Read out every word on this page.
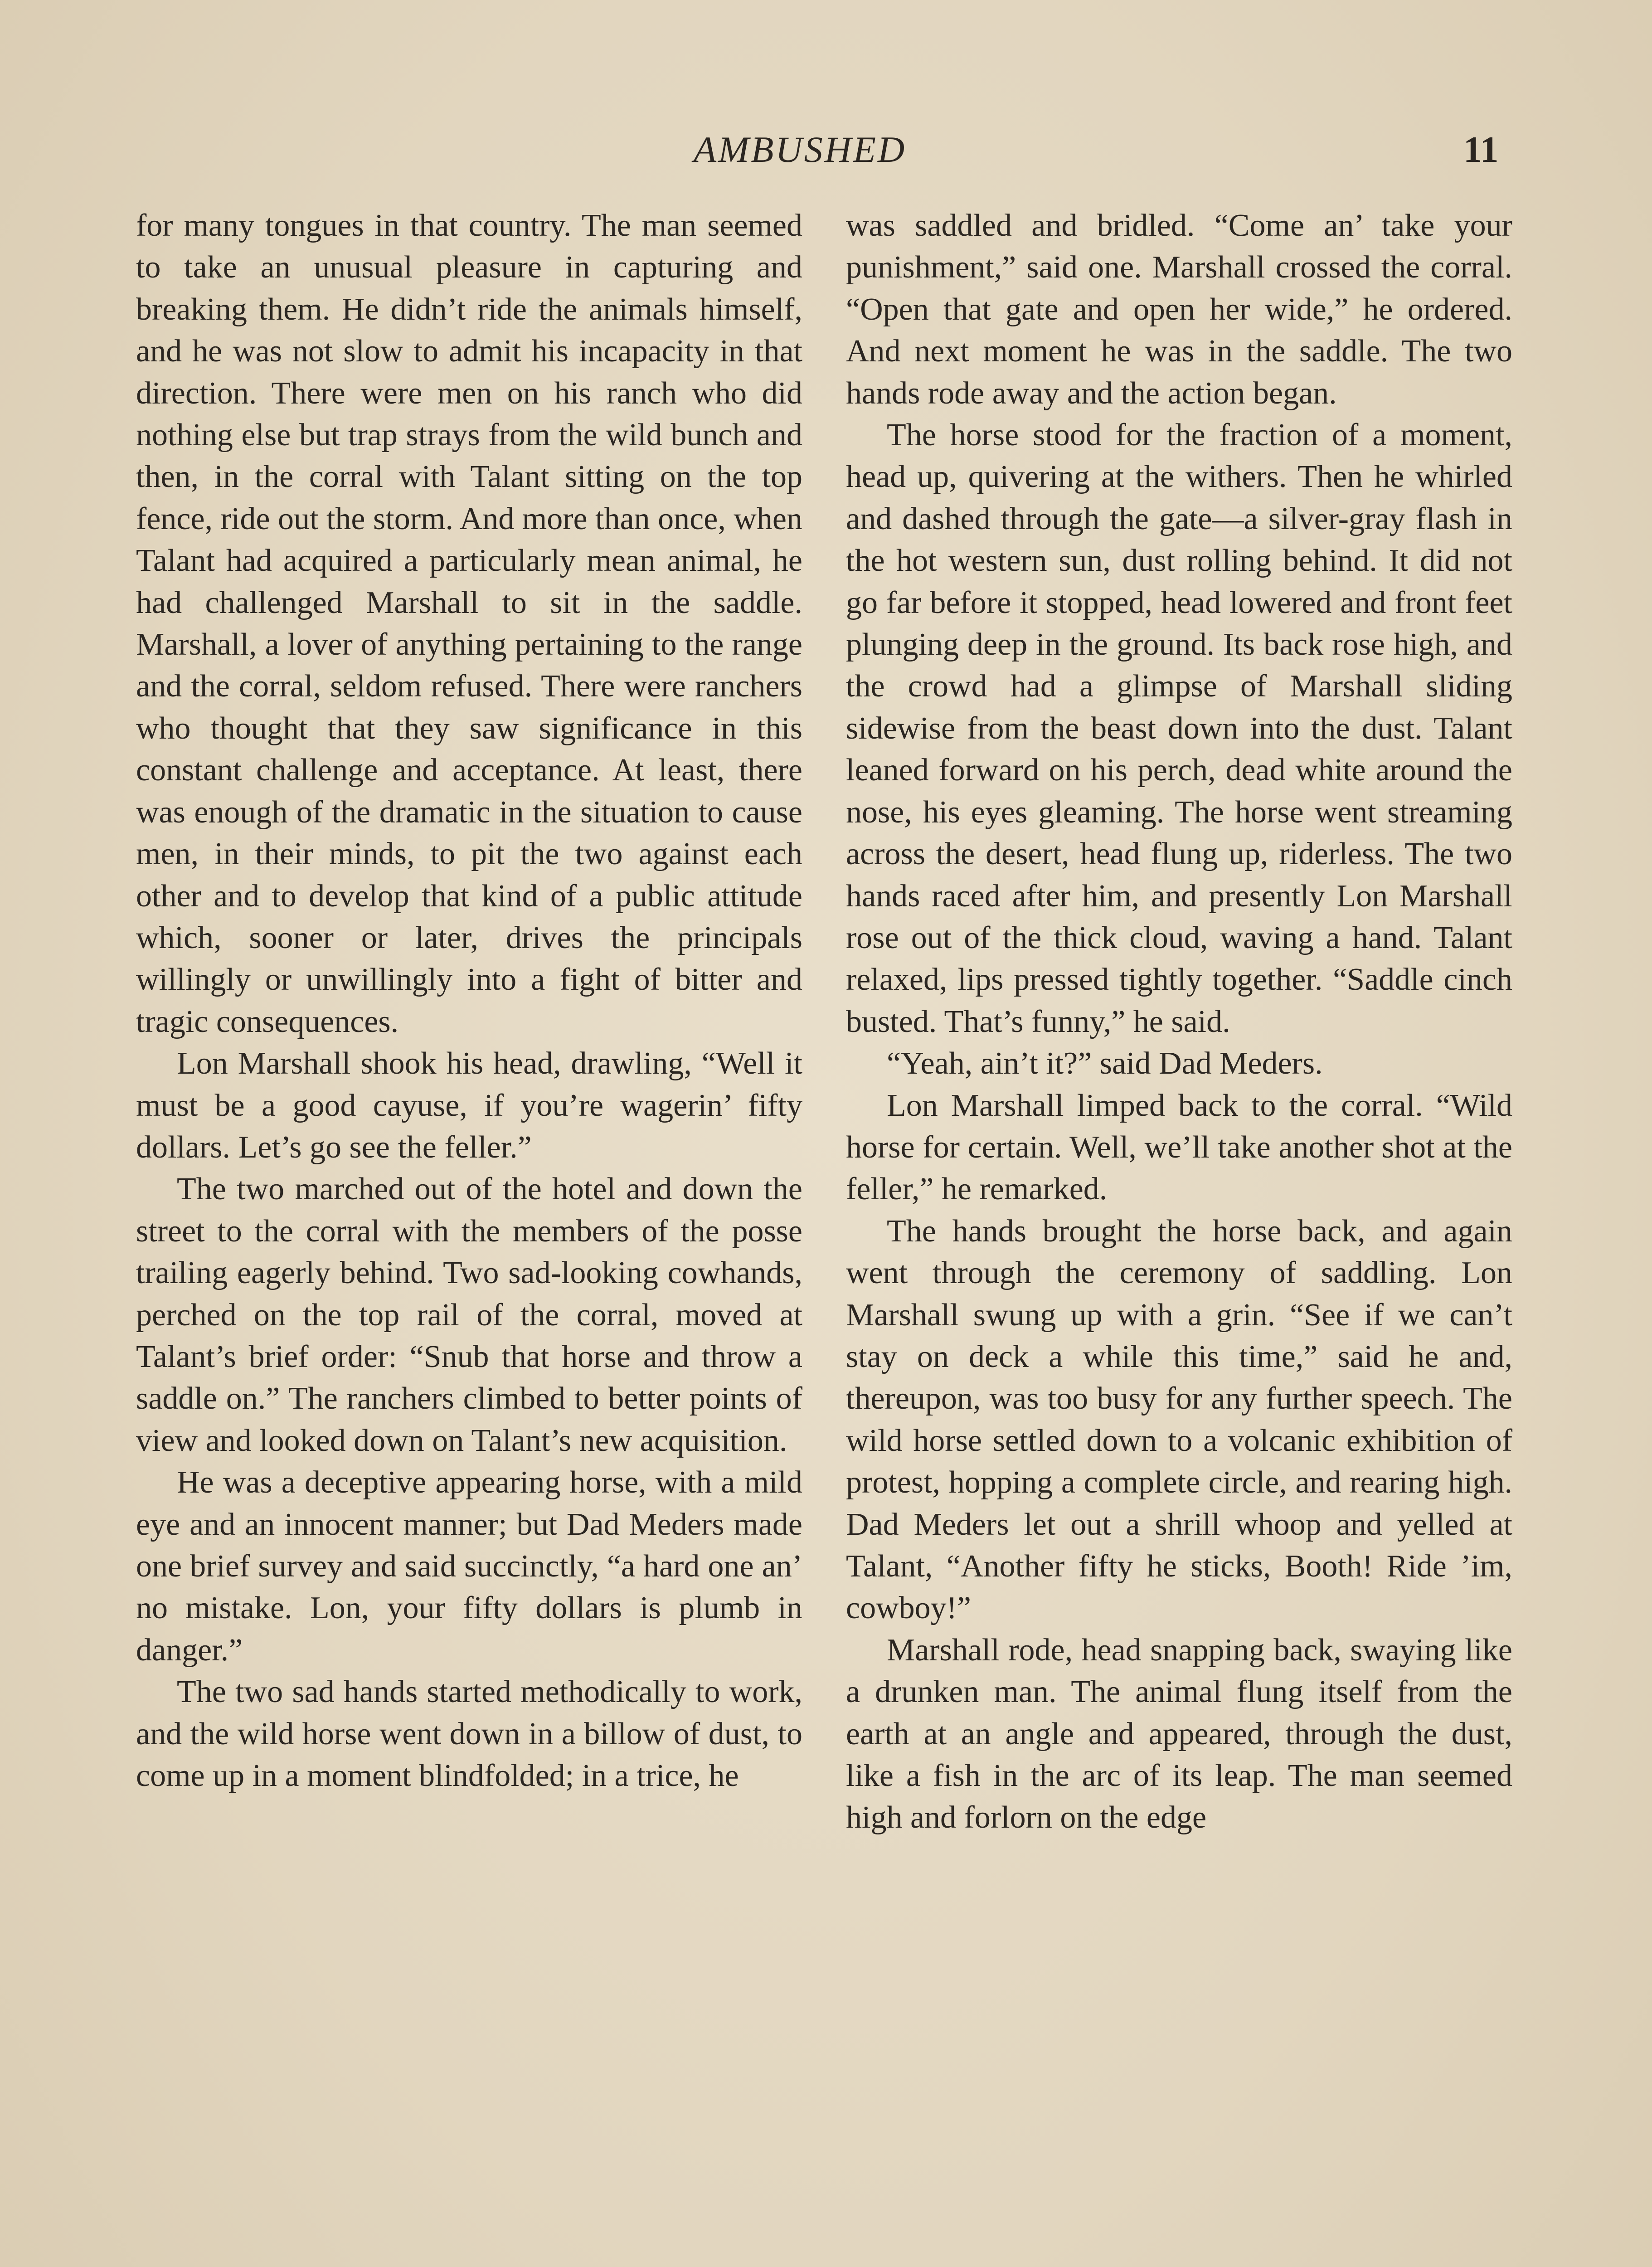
AMBUSHED	11

for many tongues in that country. The man seemed to take an unusual pleasure in capturing and breaking them. He didn’t ride the animals himself, and he was not slow to admit his incapacity in that direction. There were men on his ranch who did nothing else but trap strays from the wild bunch and then, in the corral with Talant sitting on the top fence, ride out the storm. And more than once, when Talant had acquired a particularly mean animal, he had challenged Marshall to sit in the saddle. Marshall, a lover of anything pertaining to the range and the corral, seldom refused. There were ranchers who thought that they saw significance in this constant challenge and acceptance. At least, there was enough of the dramatic in the situation to cause men, in their minds, to pit the two against each other and to develop that kind of a public attitude which, sooner or later, drives the principals willingly or unwillingly into a fight of bitter and tragic consequences.

Lon Marshall shook his head, drawling, “Well it must be a good cayuse, if you’re wagerin’ fifty dollars. Let’s go see the feller.”

The two marched out of the hotel and down the street to the corral with the members of the posse trailing eagerly behind. Two sad-looking cowhands, perched on the top rail of the corral, moved at Talant’s brief order: “Snub that horse and throw a saddle on.” The ranchers climbed to better points of view and looked down on Talant’s new acquisition.

He was a deceptive appearing horse, with a mild eye and an innocent manner; but Dad Meders made one brief survey and said succinctly, “a hard one an’ no mistake. Lon, your fifty dollars is plumb in danger.”

The two sad hands started methodically to work, and the wild horse went down in a billow of dust, to come up in a moment blindfolded; in a trice, he

was saddled and bridled. “Come an’ take your punishment,” said one. Marshall crossed the corral. “Open that gate and open her wide,” he ordered. And next moment he was in the saddle. The two hands rode away and the action began.

The horse stood for the fraction of a moment, head up, quivering at the withers. Then he whirled and dashed through the gate—a silver-gray flash in the hot western sun, dust rolling behind. It did not go far before it stopped, head lowered and front feet plunging deep in the ground. Its back rose high, and the crowd had a glimpse of Marshall sliding sidewise from the beast down into the dust. Talant leaned forward on his perch, dead white around the nose, his eyes gleaming. The horse went streaming across the desert, head flung up, riderless. The two hands raced after him, and presently Lon Marshall rose out of the thick cloud, waving a hand. Talant relaxed, lips pressed tightly together. “Saddle cinch busted. That’s funny,” he said.

“Yeah, ain’t it?” said Dad Meders.

Lon Marshall limped back to the corral. “Wild horse for certain. Well, we’ll take another shot at the feller,” he remarked.

The hands brought the horse back, and again went through the ceremony of saddling. Lon Marshall swung up with a grin. “See if we can’t stay on deck a while this time,” said he and, thereupon, was too busy for any further speech. The wild horse settled down to a volcanic exhibition of protest, hopping a complete circle, and rearing high. Dad Meders let out a shrill whoop and yelled at Talant, “Another fifty he sticks, Booth! Ride ’im, cowboy!”

Marshall rode, head snapping back, swaying like a drunken man. The animal flung itself from the earth at an angle and appeared, through the dust, like a fish in the arc of its leap. The man seemed high and forlorn on the edge
